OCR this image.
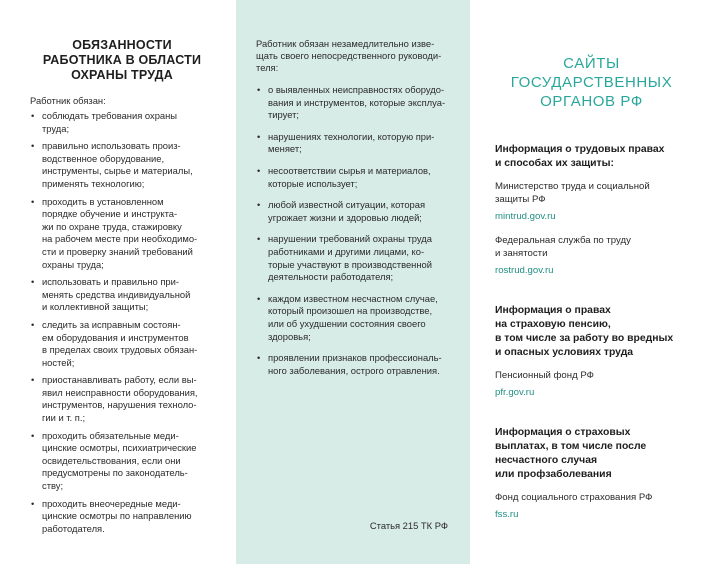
ОБЯЗАННОСТИ
РАБОТНИКА В ОБЛАСТИ
ОХРАНЫ ТРУДА

Работник обязан:

• соблюдать требования охраны
труда;
• правильно использовать произ-
водственное оборудование,
инструменты, сырье и материалы,
применять технологию;
• проходить в установленном
порядке обучение и инструкта-
жи по охране труда, стажировку
на рабочем месте при необходимо-
сти и проверку знаний требований
охраны труда;
• использовать и правильно при-
менять средства индивидуальной
и коллективной защиты;
• следить за исправным состоян-
ем оборудования и инструментов
в пределах своих трудовых обязан-
ностей;
• приостанавливать работу, если вы-
явил неисправности оборудования,
инструментов, нарушения техноло-
гии и т. п.;
• проходить обязательные меди-
цинские осмотры, психиатрические
освидетельствования, если они
предусмотрены по законодатель-
ству;
• проходить внеочередные меди-
цинские осмотры по направлению
работодателя.

Работник обязан незамедлительно изве-
щать своего непосредственного руководи-
теля:

• о выявленных неисправностях оборудо-
вания и инструментов, которые эксплуа-
тирует;
• нарушениях технологии, которую при-
меняет;
• несоответствии сырья и материалов,
которые использует;
• любой известной ситуации, которая
угрожает жизни и здоровью людей;
• нарушении требований охраны труда
работниками и другими лицами, ко-
торые участвуют в производственной
деятельности работодателя;
• каждом известном несчастном случае,
который произошел на производстве,
или об ухудшении состояния своего
здоровья;
• проявлении признаков профессиональ-
ного заболевания, острого отравления.
Статья 215 ТК РФ
САЙТЫ
ГОСУДАРСТВЕННЫХ
ОРГАНОВ РФ
Информация о трудовых правах
и способах их защиты:
Министерство труда и социальной
защиты РФ
mintrud.gov.ru
Федеральная служба по труду
и занятости
rostrud.gov.ru
Информация о правах
на страховую пенсию,
в том числе за работу во вредных
и опасных условиях труда
Пенсионный фонд РФ
pfr.gov.ru
Информация о страховых
выплатах, в том числе после
несчастного случая
или профзаболевания
Фонд социального страхования РФ
fss.ru
